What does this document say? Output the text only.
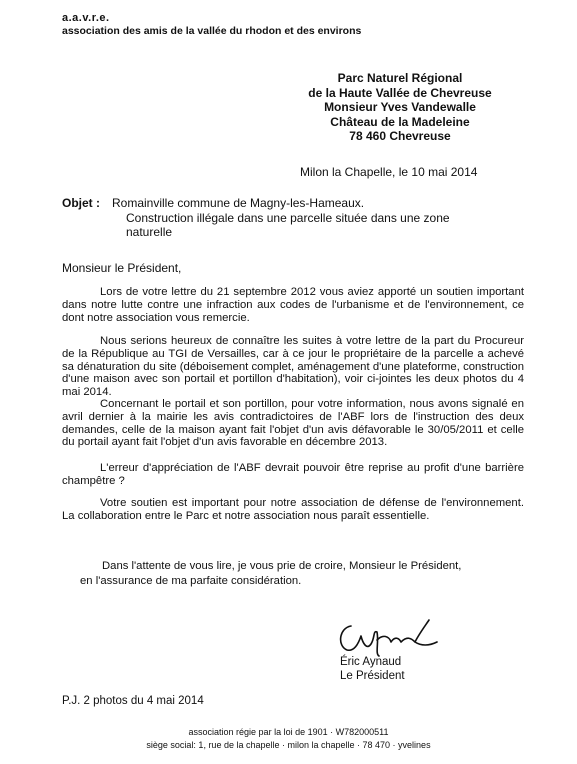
a.a.v.r.e.
association des amis de la vallée du rhodon et des environs
Parc Naturel Régional
de la Haute Vallée de Chevreuse
Monsieur Yves Vandewalle
Château de la Madeleine
78 460 Chevreuse
Milon la Chapelle, le 10 mai 2014
Objet : Romainville commune de Magny-les-Hameaux.
Construction illégale dans une parcelle située dans une zone naturelle
Monsieur le Président,
Lors de votre lettre du 21 septembre 2012 vous aviez apporté un soutien important dans notre lutte contre une infraction aux codes de l'urbanisme et de l'environnement, ce dont notre association vous remercie.
Nous serions heureux de connaître les suites à votre lettre de la part du Procureur de la République au TGI de Versailles, car à ce jour le propriétaire de la parcelle a achevé sa dénaturation du site (déboisement complet, aménagement d'une plateforme, construction d'une maison avec son portail et portillon d'habitation), voir ci-jointes les deux photos du 4 mai 2014.
Concernant le portail et son portillon, pour votre information, nous avons signalé en avril dernier à la mairie les avis contradictoires de l'ABF lors de l'instruction des deux demandes, celle de la maison ayant fait l'objet d'un avis défavorable le 30/05/2011 et celle du portail ayant fait l'objet d'un avis favorable en décembre 2013.
L'erreur d'appréciation de l'ABF devrait pouvoir être reprise au profit d'une barrière champêtre ?
Votre soutien est important pour notre association de défense de l'environnement. La collaboration entre le Parc et notre association nous paraît essentielle.
Dans l'attente de vous lire, je vous prie de croire, Monsieur le Président,
en l'assurance de ma parfaite considération.
Éric Aynaud
Le Président
P.J. 2 photos du 4 mai 2014
association régie par la loi de 1901 · W782000511
siège social: 1, rue de la chapelle · milon la chapelle · 78 470 · yvelines
